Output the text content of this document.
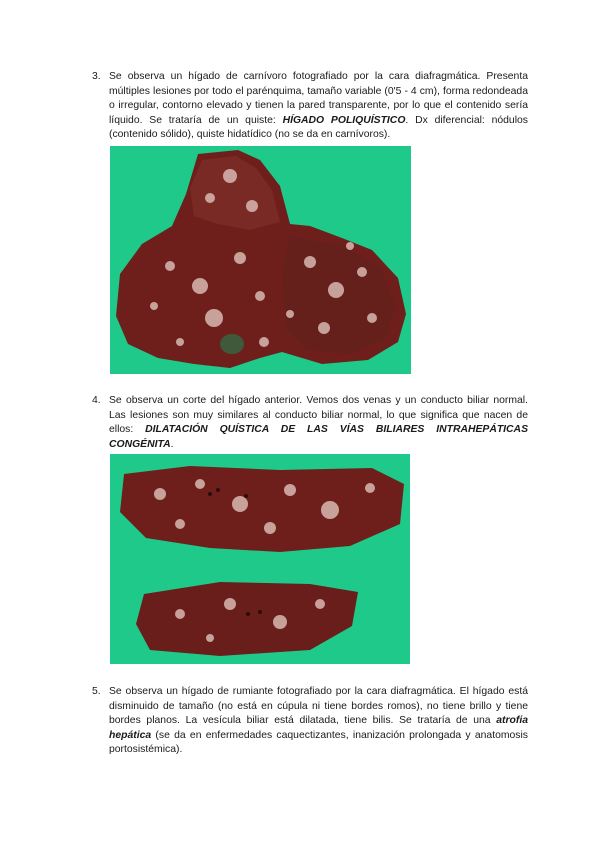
3. Se observa un hígado de carnívoro fotografiado por la cara diafragmática. Presenta múltiples lesiones por todo el parénquima, tamaño variable (0'5 - 4 cm), forma redondeada o irregular, contorno elevado y tienen la pared transparente, por lo que el contenido sería líquido. Se trataría de un quiste: HÍGADO POLIQUÍSTICO. Dx diferencial: nódulos (contenido sólido), quiste hidatídico (no se da en carnívoros).
4. Se observa un corte del hígado anterior. Vemos dos venas y un conducto biliar normal. Las lesiones son muy similares al conducto biliar normal, lo que significa que nacen de ellos: DILATACIÓN QUÍSTICA DE LAS VÍAS BILIARES INTRAHEPÁTICAS CONGÉNITA.
5. Se observa un hígado de rumiante fotografiado por la cara diafragmática. El hígado está disminuido de tamaño (no está en cúpula ni tiene bordes romos), no tiene brillo y tiene bordes planos. La vesícula biliar está dilatada, tiene bilis. Se trataría de una atrofia hepática (se da en enfermedades caquectizantes, inanización prolongada y anatomosis portosistémica).
